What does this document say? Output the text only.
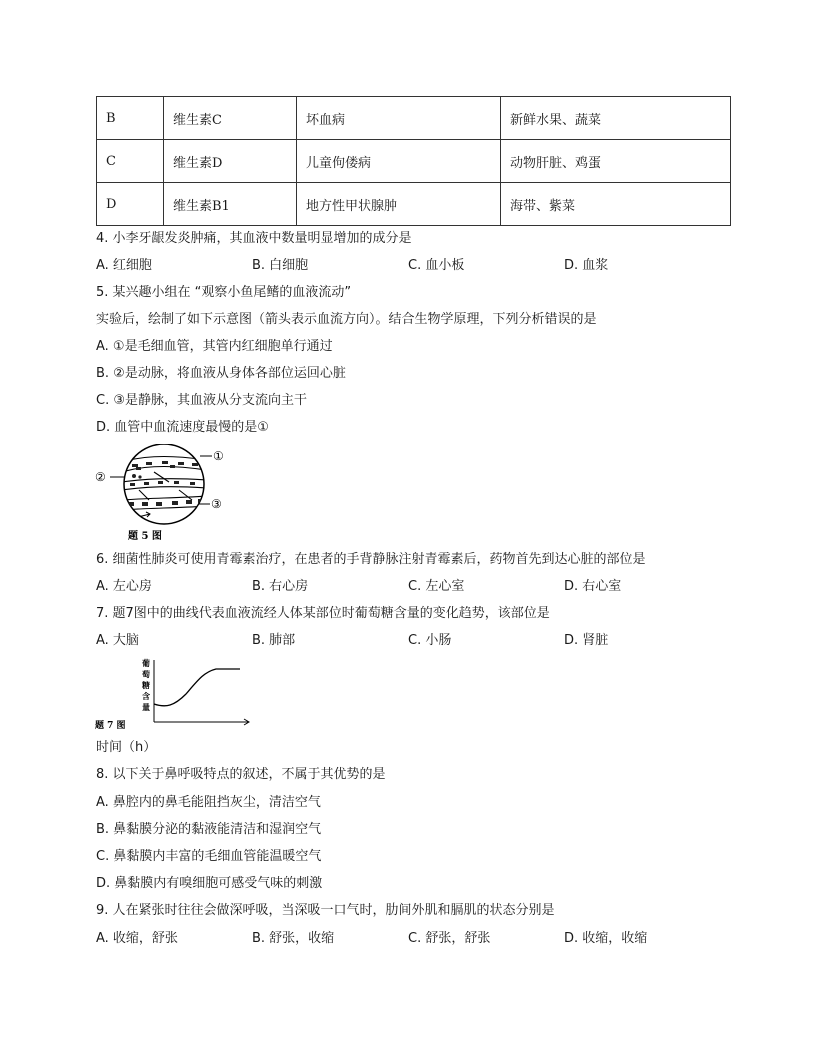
B	维生素C	坏血病	新鲜水果、蔬菜
C	维生素D	儿童佝偻病	动物肝脏、鸡蛋
D	维生素B1	地方性甲状腺肿	海带、紫菜
4. 小李牙龈发炎肿痛，其血液中数量明显增加的成分是
A. 红细胞	B. 白细胞	C. 血小板	D. 血浆
5. 某兴趣小组在 “观察小鱼尾鳍的血液流动”
实验后，绘制了如下示意图（箭头表示血流方向）。结合生物学原理，下列分析错误的是
A. ①是毛细血管，其管内红细胞单行通过
B. ②是动脉，将血液从身体各部位运回心脏
C. ③是静脉，其血液从分支流向主干
D. 血管中血流速度最慢的是①
①
②
③
题 5 图
6. 细菌性肺炎可使用青霉素治疗，在患者的手背静脉注射青霉素后，药物首先到达心脏的部位是
A. 左心房	B. 右心房	C. 左心室	D. 右心室
7. 题7图中的曲线代表血液流经人体某部位时葡萄糖含量的变化趋势，该部位是
A. 大脑	B. 肺部	C. 小肠	D. 肾脏
葡
萄
糖
含
量
题 7 图
时间（h）
8. 以下关于鼻呼吸特点的叙述，不属于其优势的是
A. 鼻腔内的鼻毛能阻挡灰尘，清洁空气
B. 鼻黏膜分泌的黏液能清洁和湿润空气
C. 鼻黏膜内丰富的毛细血管能温暖空气
D. 鼻黏膜内有嗅细胞可感受气味的刺激
9. 人在紧张时往往会做深呼吸，当深吸一口气时，肋间外肌和膈肌的状态分别是
A. 收缩，舒张	B. 舒张，收缩	C. 舒张，舒张	D. 收缩，收缩
